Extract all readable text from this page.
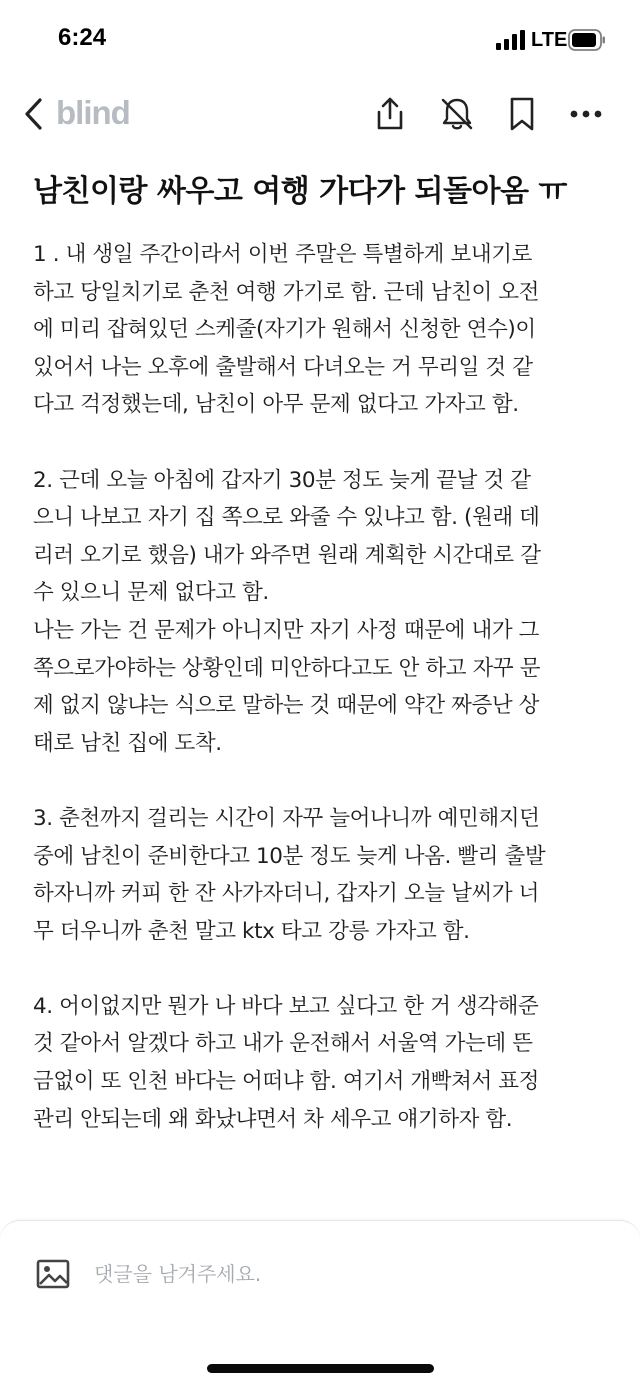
6:24	LTE
blind
남친이랑 싸우고 여행 가다가 되돌아옴 ㅠ

1 . 내 생일 주간이라서 이번 주말은 특별하게 보내기로
하고 당일치기로 춘천 여행 가기로 함. 근데 남친이 오전
에 미리 잡혀있던 스케줄(자기가 원해서 신청한 연수)이
있어서 나는 오후에 출발해서 다녀오는 거 무리일 것 같
다고 걱정했는데, 남친이 아무 문제 없다고 가자고 함.

2. 근데 오늘 아침에 갑자기 30분 정도 늦게 끝날 것 같
으니 나보고 자기 집 쪽으로 와줄 수 있냐고 함. (원래 데
리러 오기로 했음) 내가 와주면 원래 계획한 시간대로 갈
수 있으니 문제 없다고 함.
나는 가는 건 문제가 아니지만 자기 사정 때문에 내가 그
쪽으로가야하는 상황인데 미안하다고도 안 하고 자꾸 문
제 없지 않냐는 식으로 말하는 것 때문에 약간 짜증난 상
태로 남친 집에 도착.

3. 춘천까지 걸리는 시간이 자꾸 늘어나니까 예민해지던
중에 남친이 준비한다고 10분 정도 늦게 나옴. 빨리 출발
하자니까 커피 한 잔 사가자더니, 갑자기 오늘 날씨가 너
무 더우니까 춘천 말고 ktx 타고 강릉 가자고 함.

4. 어이없지만 뭔가 나 바다 보고 싶다고 한 거 생각해준
것 같아서 알겠다 하고 내가 운전해서 서울역 가는데 뜬
금없이 또 인천 바다는 어떠냐 함. 여기서 개빡쳐서 표정
관리 안되는데 왜 화났냐면서 차 세우고 얘기하자 함.

댓글을 남겨주세요.
